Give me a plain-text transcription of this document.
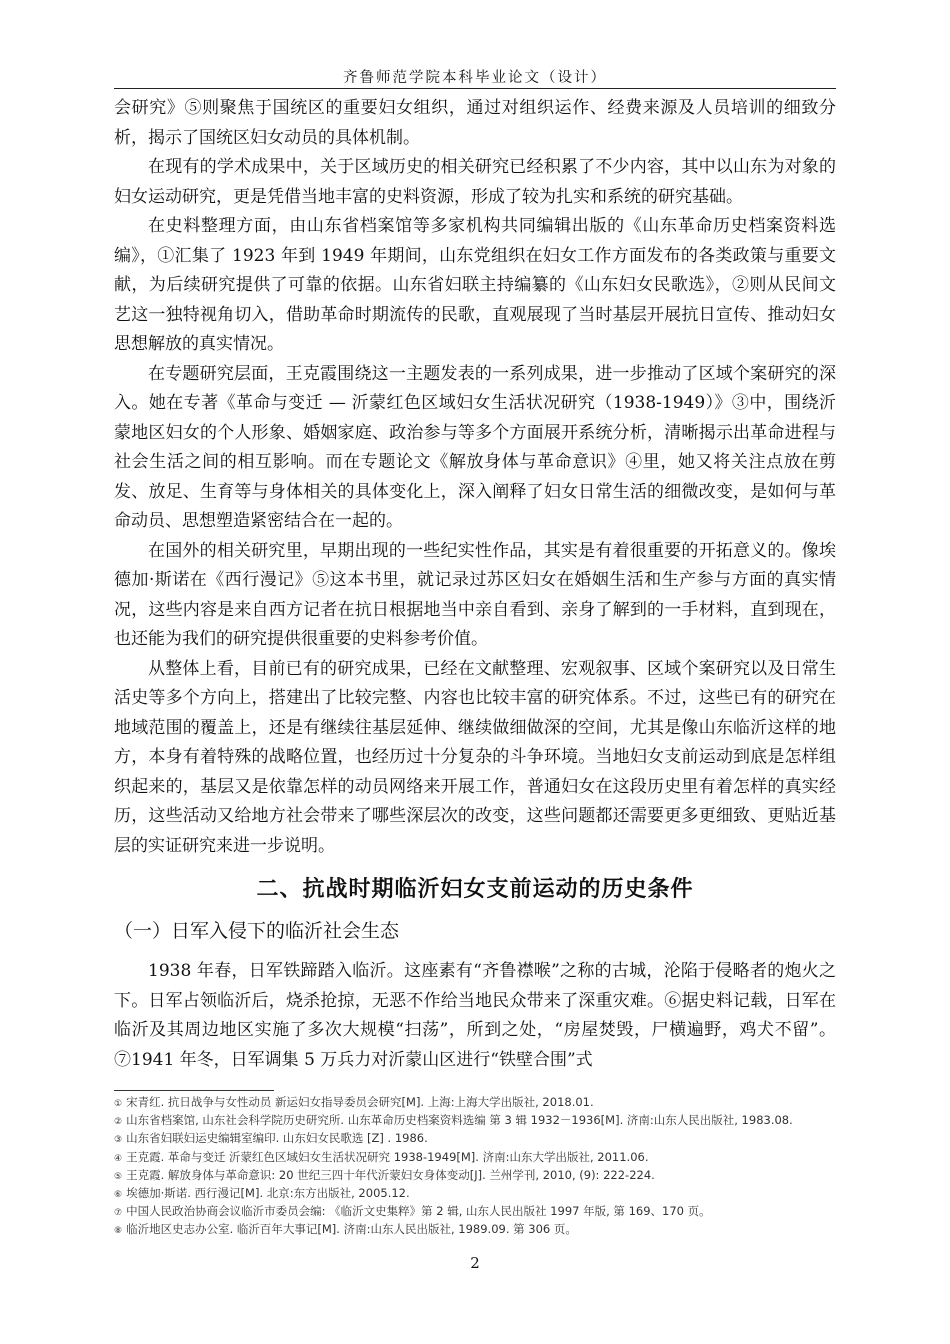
齐鲁师范学院本科毕业论文（设计）

会研究》⑤则聚焦于国统区的重要妇女组织，通过对组织运作、经费来源及人员培训的细致分析，揭示了国统区妇女动员的具体机制。

在现有的学术成果中，关于区域历史的相关研究已经积累了不少内容，其中以山东为对象的妇女运动研究，更是凭借当地丰富的史料资源，形成了较为扎实和系统的研究基础。

在史料整理方面，由山东省档案馆等多家机构共同编辑出版的《山东革命历史档案资料选编》，①汇集了 1923 年到 1949 年期间，山东党组织在妇女工作方面发布的各类政策与重要文献，为后续研究提供了可靠的依据。山东省妇联主持编纂的《山东妇女民歌选》，②则从民间文艺这一独特视角切入，借助革命时期流传的民歌，直观展现了当时基层开展抗日宣传、推动妇女思想解放的真实情况。

在专题研究层面，王克霞围绕这一主题发表的一系列成果，进一步推动了区域个案研究的深入。她在专著《革命与变迁 — 沂蒙红色区域妇女生活状况研究（1938-1949）》③中，围绕沂蒙地区妇女的个人形象、婚姻家庭、政治参与等多个方面展开系统分析，清晰揭示出革命进程与社会生活之间的相互影响。而在专题论文《解放身体与革命意识》④里，她又将关注点放在剪发、放足、生育等与身体相关的具体变化上，深入阐释了妇女日常生活的细微改变，是如何与革命动员、思想塑造紧密结合在一起的。

在国外的相关研究里，早期出现的一些纪实性作品，其实是有着很重要的开拓意义的。像埃德加·斯诺在《西行漫记》⑤这本书里，就记录过苏区妇女在婚姻生活和生产参与方面的真实情况，这些内容是来自西方记者在抗日根据地当中亲自看到、亲身了解到的一手材料，直到现在，也还能为我们的研究提供很重要的史料参考价值。

从整体上看，目前已有的研究成果，已经在文献整理、宏观叙事、区域个案研究以及日常生活史等多个方向上，搭建出了比较完整、内容也比较丰富的研究体系。不过，这些已有的研究在地域范围的覆盖上，还是有继续往基层延伸、继续做细做深的空间，尤其是像山东临沂这样的地方，本身有着特殊的战略位置，也经历过十分复杂的斗争环境。当地妇女支前运动到底是怎样组织起来的，基层又是依靠怎样的动员网络来开展工作，普通妇女在这段历史里有着怎样的真实经历，这些活动又给地方社会带来了哪些深层次的改变，这些问题都还需要更多更细致、更贴近基层的实证研究来进一步说明。

二、抗战时期临沂妇女支前运动的历史条件
（一）日军入侵下的临沂社会生态

1938 年春，日军铁蹄踏入临沂。这座素有“齐鲁襟喉”之称的古城，沦陷于侵略者的炮火之下。日军占领临沂后，烧杀抢掠，无恶不作给当地民众带来了深重灾难。⑥据史料记载，日军在临沂及其周边地区实施了多次大规模“扫荡”，所到之处，“房屋焚毁，尸横遍野，鸡犬不留”。⑦1941 年冬，日军调集 5 万兵力对沂蒙山区进行“铁壁合围”式

① 宋青红. 抗日战争与女性动员 新运妇女指导委员会研究[M]. 上海:上海大学出版社, 2018.01.

② 山东省档案馆, 山东社会科学院历史研究所. 山东革命历史档案资料选编 第 3 辑 1932－1936[M]. 济南:山东人民出版社, 1983.08.

③ 山东省妇联妇运史编辑室编印. 山东妇女民歌选 [Z] . 1986.

④ 王克霞. 革命与变迁 沂蒙红色区域妇女生活状况研究 1938-1949[M]. 济南:山东大学出版社, 2011.06.

⑤ 王克霞. 解放身体与革命意识: 20 世纪三四十年代沂蒙妇女身体变动[J]. 兰州学刊, 2010, (9): 222-224.

⑥ 埃德加·斯诺. 西行漫记[M]. 北京:东方出版社, 2005.12.

⑦ 中国人民政治协商会议临沂市委员会编: 《临沂文史集粹》第 2 辑, 山东人民出版社 1997 年版, 第 169、170 页。

⑧ 临沂地区史志办公室. 临沂百年大事记[M]. 济南:山东人民出版社, 1989.09. 第 306 页。

2
